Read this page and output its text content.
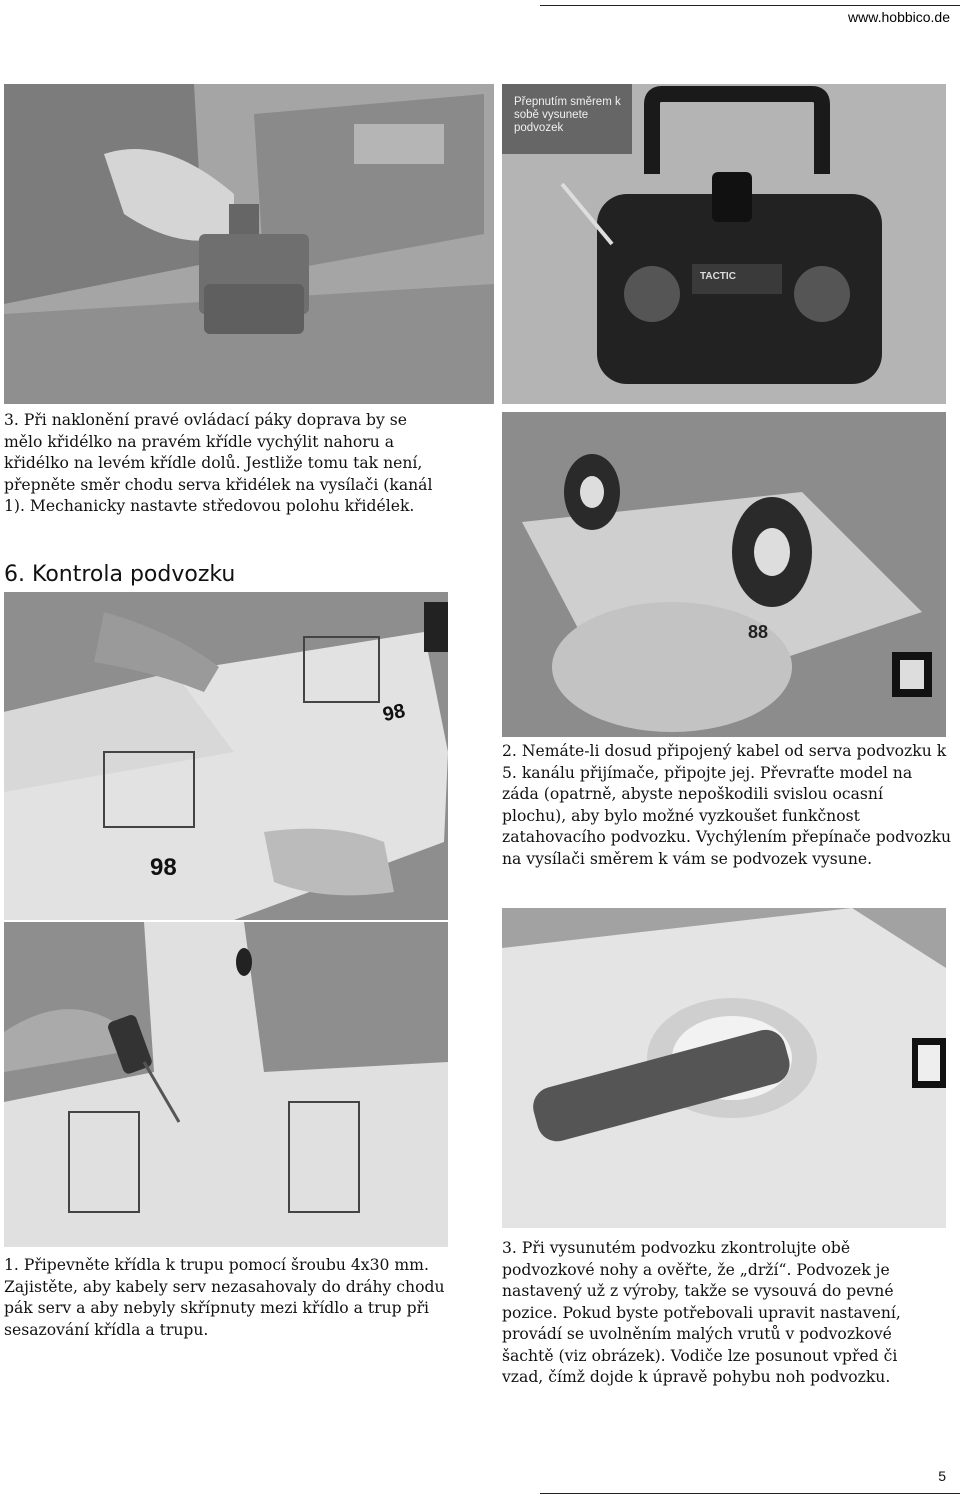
www.hobbico.de
Přepnutím směrem k sobě vysunete podvozek
TACTIC
3. Při naklonění pravé ovládací páky doprava by se mělo křidélko na pravém křídle vychýlit nahoru a křidélko na levém křídle dolů. Jestliže tomu tak není, přepněte směr chodu serva křidélek na vysílači (kanál 1). Mechanicky nastavte středovou polohu křidélek.
6. Kontrola podvozku
88
98
98
2. Nemáte-li dosud připojený kabel od serva podvozku k 5. kanálu přijímače, připojte jej. Převraťte model na záda (opatrně, abyste nepoškodili svislou ocasní plochu), aby bylo možné vyzkoušet funkčnost zatahovacího podvozku. Vychýlením přepínače podvozku na vysílači směrem k vám se podvozek vysune.
1. Připevněte křídla k trupu pomocí šroubu 4x30 mm. Zajistěte, aby kabely serv nezasahovaly do dráhy chodu pák serv a aby nebyly skřípnuty mezi křídlo a trup při sesazování křídla a trupu.
3. Při vysunutém podvozku zkontrolujte obě podvozkové nohy a ověřte, že „drží“. Podvozek je nastavený už z výroby, takže se vysouvá do pevné pozice. Pokud byste potřebovali upravit nastavení, provádí se uvolněním malých vrutů v podvozkové šachtě (viz obrázek). Vodiče lze posunout vpřed či vzad, čímž dojde k úpravě pohybu noh podvozku.
5
